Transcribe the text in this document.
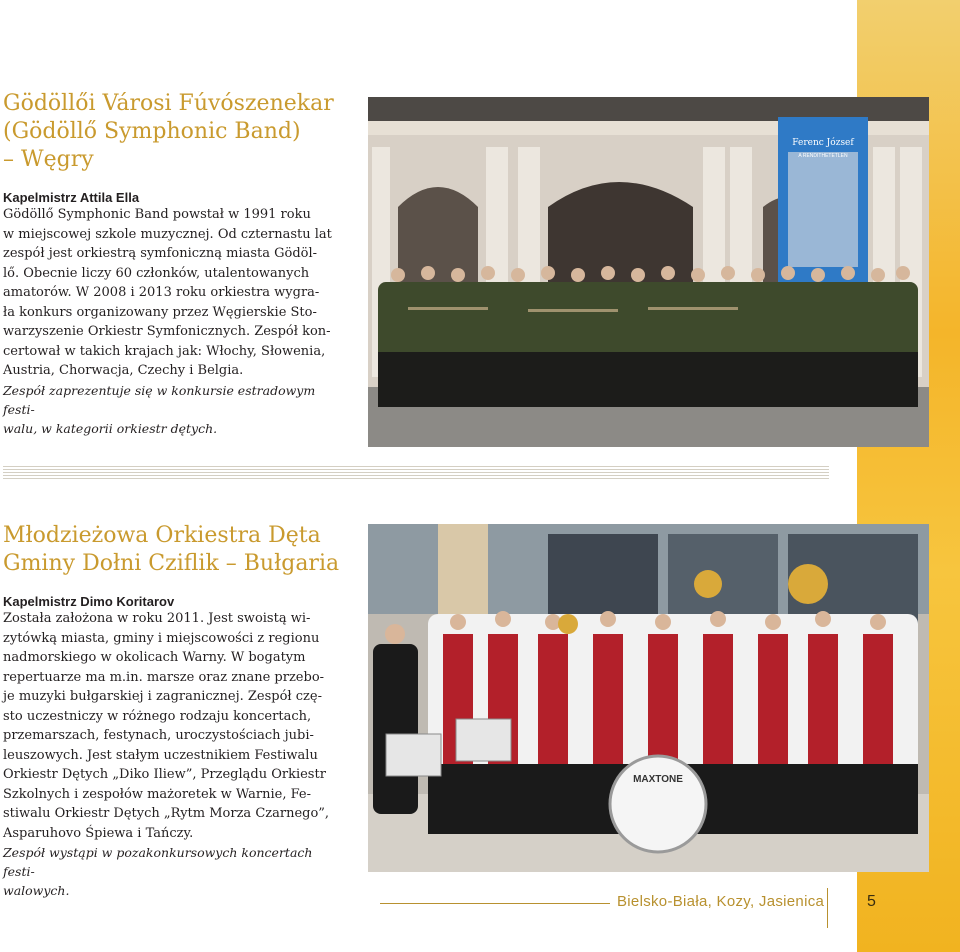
Gödöllői Városi Fúvószenekar
(Gödöllő Symphonic Band)
– Węgry
Kapelmistrz Attila Ella
Gödöllő Symphonic Band powstał w 1991 roku
w miejscowej szkole muzycznej. Od czternastu lat
zespół jest orkiestrą symfoniczną miasta Gödöl-
lő. Obecnie liczy 60 członków, utalentowanych
amatorów. W 2008 i 2013 roku orkiestra wygra-
ła konkurs organizowany przez Węgierskie Sto-
warzyszenie Orkiestr Symfonicznych. Zespół kon-
certował w takich krajach jak: Włochy, Słowenia,
Austria, Chorwacja, Czechy i Belgia.
Zespół zaprezentuje się w konkursie estradowym festi-
walu, w kategorii orkiestr dętych.
Ferenc József
A RENDITHETETLEN
Młodzieżowa Orkiestra Dęta
Gminy Dołni Cziflik – Bułgaria
Kapelmistrz Dimo Koritarov
Została założona w roku 2011. Jest swoistą wi-
zytówką miasta, gminy i miejscowości z regionu
nadmorskiego w okolicach Warny. W bogatym
repertuarze ma m.in. marsze oraz znane przebo-
je muzyki bułgarskiej i zagranicznej. Zespół czę-
sto uczestniczy w różnego rodzaju koncertach,
przemarszach, festynach, uroczystościach jubi-
leuszowych. Jest stałym uczestnikiem Festiwalu
Orkiestr Dętych „Diko Iliew”, Przeglądu Orkiestr
Szkolnych i zespołów mażoretek w Warnie, Fe-
stiwalu Orkiestr Dętych „Rytm Morza Czarnego”,
Asparuhovo Śpiewa i Tańczy.
Zespół wystąpi w pozakonkursowych koncertach festi-
walowych.
MAXTONE
Bielsko-Biała, Kozy, Jasienica	5
